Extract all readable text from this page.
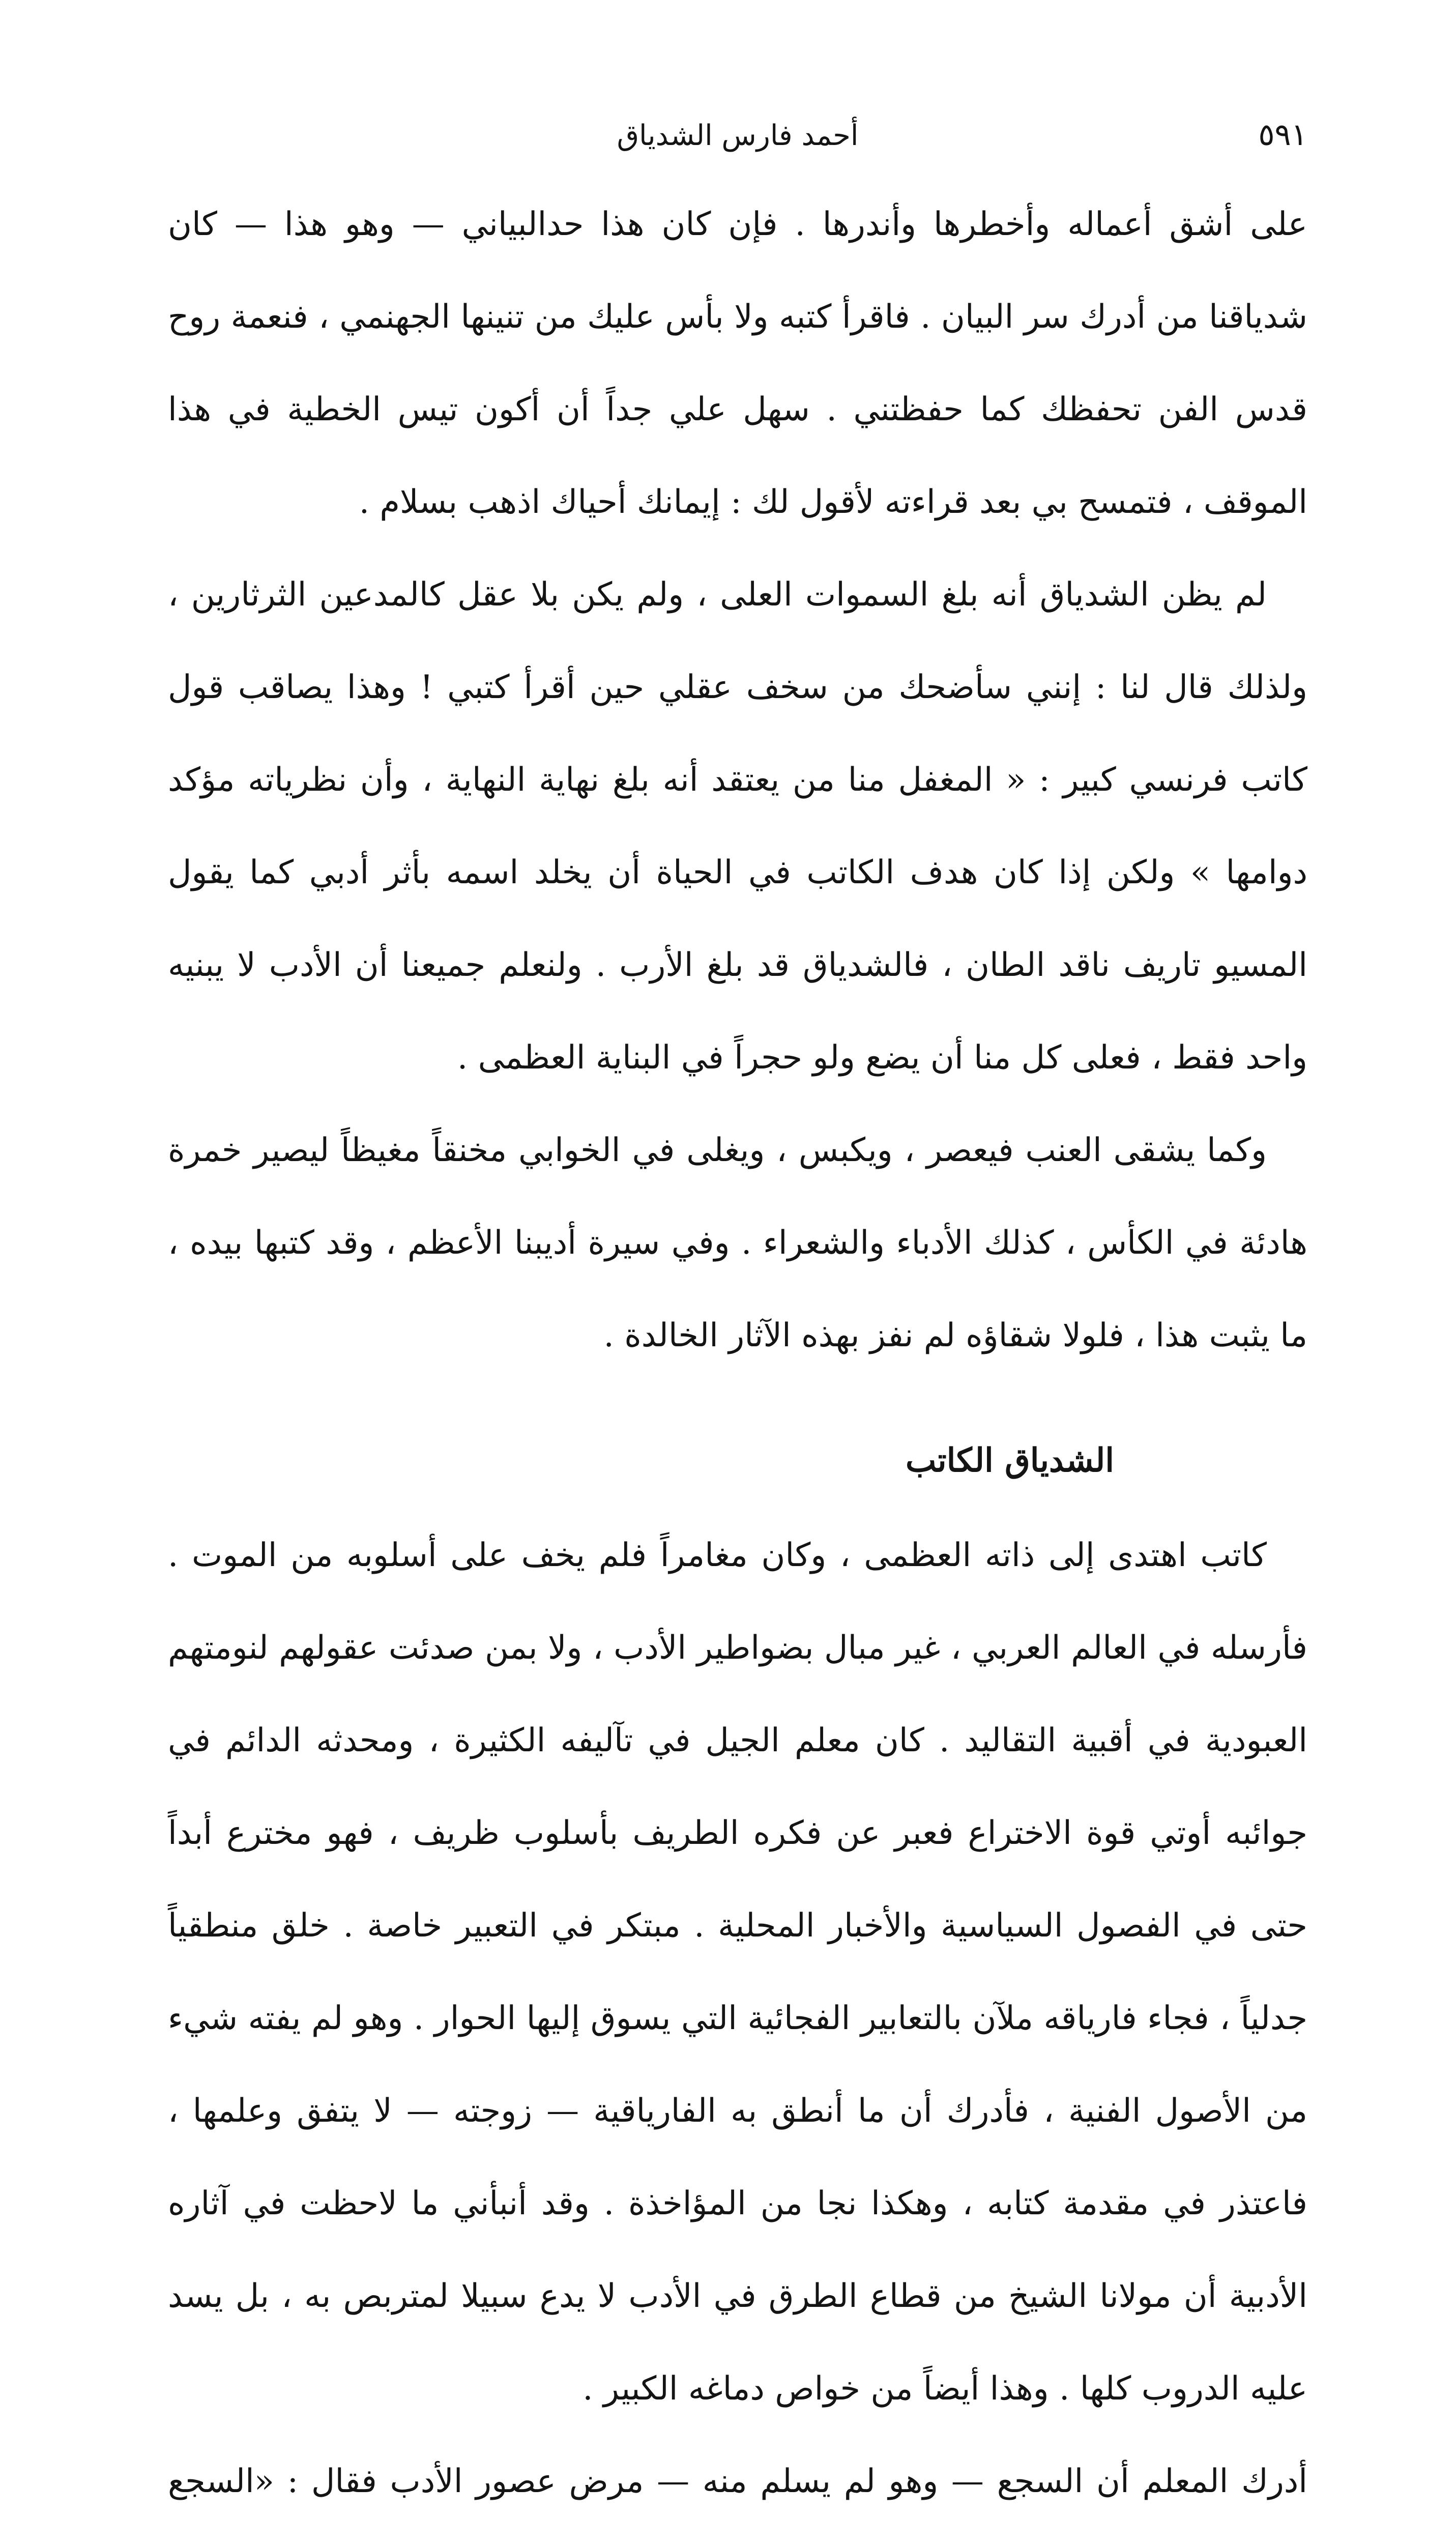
٥٩١
أحمد فارس الشدياق

على أشق أعماله وأخطرها وأندرها . فإن كان هذا حدالبياني — وهو هذا — كان شدياقنا من أدرك سر البيان . فاقرأ كتبه ولا بأس عليك من تنينها الجهنمي ، فنعمة روح قدس الفن تحفظك كما حفظتني . سهل علي جداً أن أكون تيس الخطية في هذا الموقف ، فتمسح بي بعد قراءته لأقول لك : إيمانك أحياك اذهب بسلام .

لم يظن الشدياق أنه بلغ السموات العلى ، ولم يكن بلا عقل كالمدعين الثرثارين ، ولذلك قال لنا : إنني سأضحك من سخف عقلي حين أقرأ كتبي ! وهذا يصاقب قول كاتب فرنسي كبير : « المغفل منا من يعتقد أنه بلغ نهاية النهاية ، وأن نظرياته مؤكد دوامها » ولكن إذا كان هدف الكاتب في الحياة أن يخلد اسمه بأثر أدبي كما يقول المسيو تاريف ناقد الطان ، فالشدياق قد بلغ الأرب . ولنعلم جميعنا أن الأدب لا يبنيه واحد فقط ، فعلى كل منا أن يضع ولو حجراً في البناية العظمى .

وكما يشقى العنب فيعصر ، ويكبس ، ويغلى في الخوابي مخنقاً مغيظاً ليصير خمرة هادئة في الكأس ، كذلك الأدباء والشعراء . وفي سيرة أديبنا الأعظم ، وقد كتبها بيده ، ما يثبت هذا ، فلولا شقاؤه لم نفز بهذه الآثار الخالدة .

الشدياق الكاتب

كاتب اهتدى إلى ذاته العظمى ، وكان مغامراً فلم يخف على أسلوبه من الموت . فأرسله في العالم العربي ، غير مبال بضواطير الأدب ، ولا بمن صدئت عقولهم لنومتهم العبودية في أقبية التقاليد . كان معلم الجيل في تآليفه الكثيرة ، ومحدثه الدائم في جوائبه أوتي قوة الاختراع فعبر عن فكره الطريف بأسلوب ظريف ، فهو مخترع أبداً حتى في الفصول السياسية والأخبار المحلية . مبتكر في التعبير خاصة . خلق منطقياً جدلياً ، فجاء فارياقه ملآن بالتعابير الفجائية التي يسوق إليها الحوار . وهو لم يفته شيء من الأصول الفنية ، فأدرك أن ما أنطق به الفارياقية — زوجته — لا يتفق وعلمها ، فاعتذر في مقدمة كتابه ، وهكذا نجا من المؤاخذة . وقد أنبأني ما لاحظت في آثاره الأدبية أن مولانا الشيخ من قطاع الطرق في الأدب لا يدع سبيلا لمتربص به ، بل يسد عليه الدروب كلها . وهذا أيضاً من خواص دماغه الكبير .

أدرك المعلم أن السجع — وهو لم يسلم منه — مرض عصور الأدب فقال : «السجع
